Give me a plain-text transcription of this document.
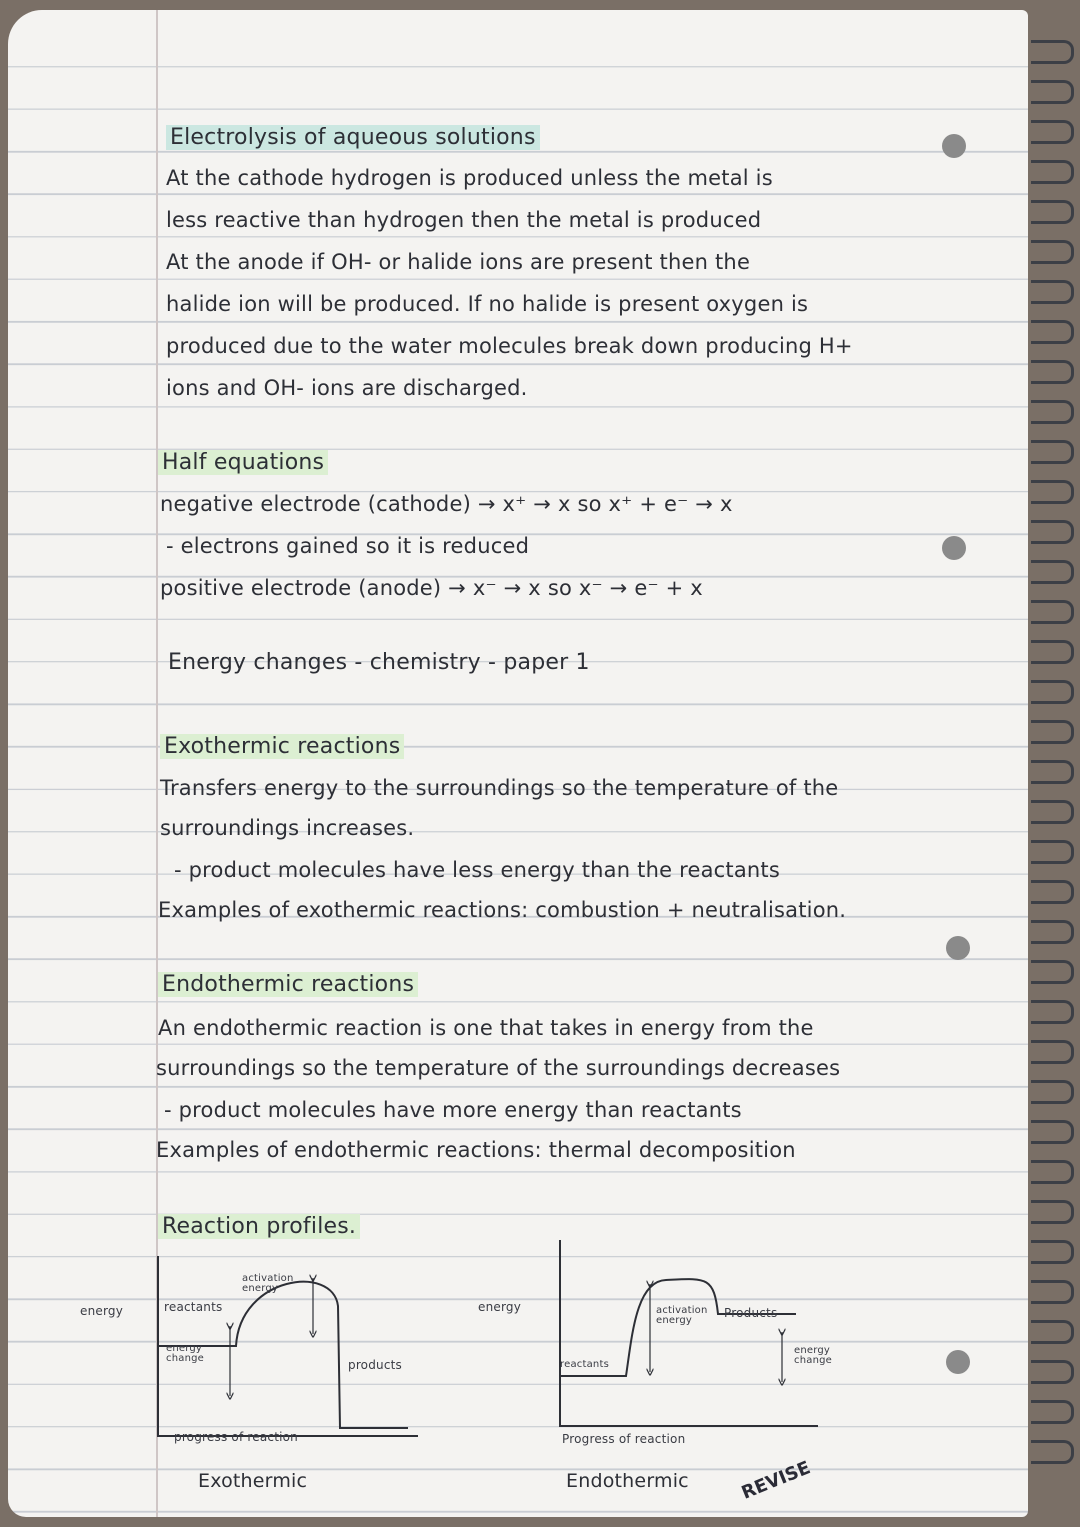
Electrolysis of aqueous solutions
At the cathode hydrogen is produced unless the metal is
less reactive than hydrogen then the metal is produced
At the anode if OH- or halide ions are present then the
halide ion will be produced. If no halide is present oxygen is
produced due to the water molecules break down producing H+
ions and OH- ions are discharged.
Half equations
negative electrode (cathode) → x⁺ → x so x⁺ + e⁻ → x
- electrons gained so it is reduced
positive electrode (anode) → x⁻ → x so x⁻ → e⁻ + x
Energy changes - chemistry - paper 1
Exothermic reactions
Transfers energy to the surroundings so the temperature of the
surroundings increases.
- product molecules have less energy than the reactants
Examples of exothermic reactions: combustion + neutralisation.
Endothermic reactions
An endothermic reaction is one that takes in energy from the
surroundings so the temperature of the surroundings decreases
- product molecules have more energy than reactants
Examples of endothermic reactions: thermal decomposition
Reaction profiles.
energy	reactants
activation energy
energy change	products
progress of reaction
Exothermic
energy
reactants
activation energy
Products
energy change
Progress of reaction
Endothermic	REVISE
